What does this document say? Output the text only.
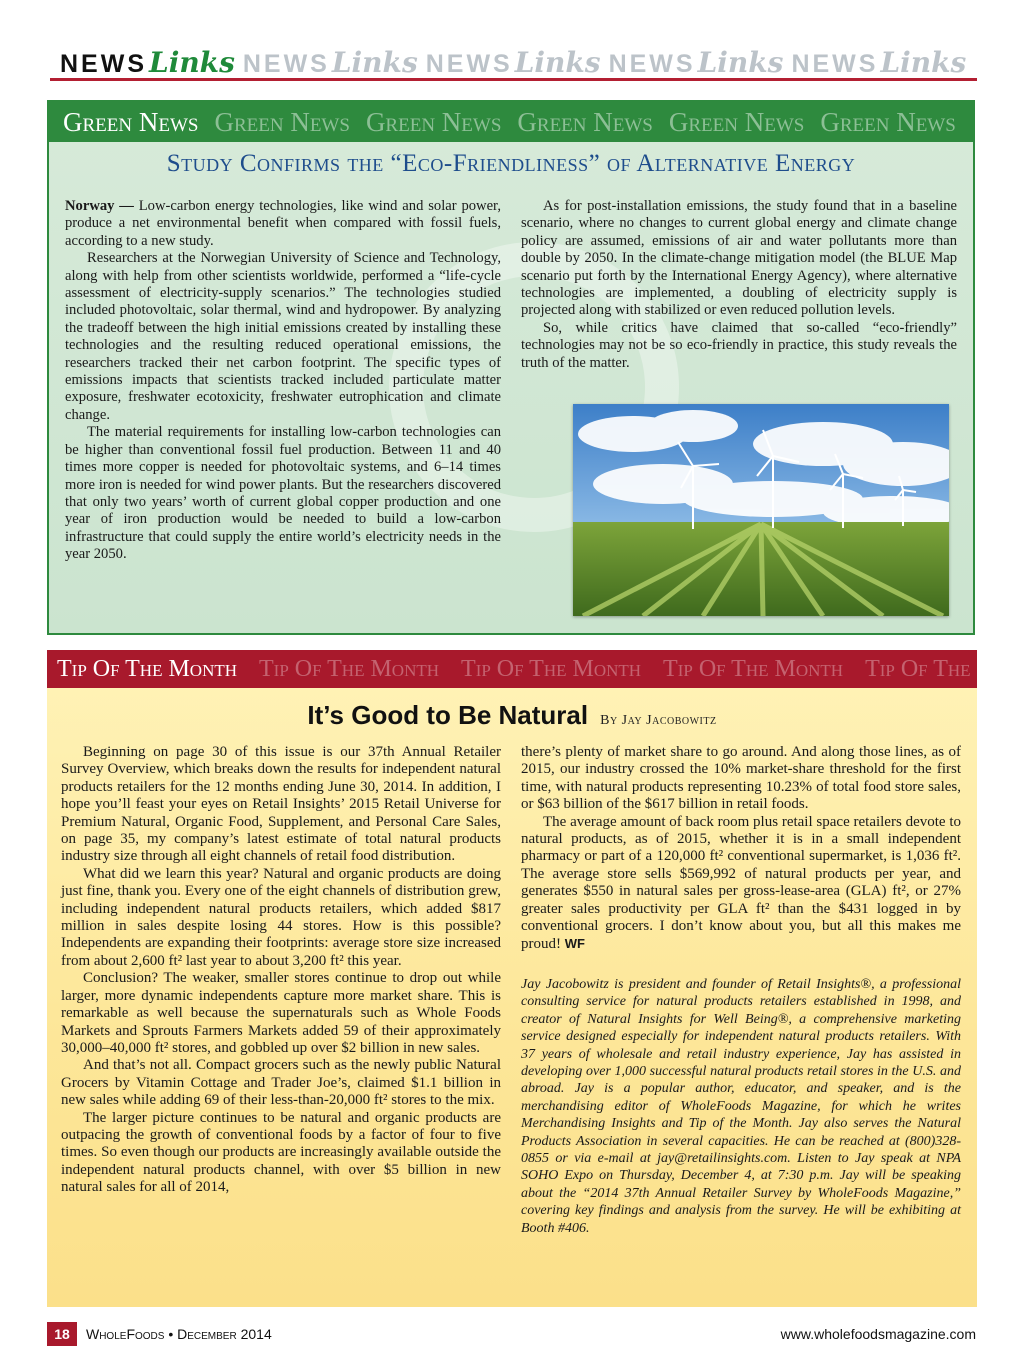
NEWS Links NEWS Links NEWS Links NEWS Links NEWS Links
Green News Green News Green News Green News Green News Green News
Study Confirms the “Eco-Friendliness” of Alternative Energy

Norway — Low-carbon energy technologies, like wind and solar power, produce a net environmental benefit when compared with fossil fuels, according to a new study.

Researchers at the Norwegian University of Science and Technology, along with help from other scientists worldwide, performed a “life-cycle assessment of electricity-supply scenarios.” The technologies studied included photovoltaic, solar thermal, wind and hydropower. By analyzing the tradeoff between the high initial emissions created by installing these technologies and the resulting reduced operational emissions, the researchers tracked their net carbon footprint. The specific types of emissions impacts that scientists tracked included particulate matter exposure, freshwater ecotoxicity, freshwater eutrophication and climate change.

The material requirements for installing low-carbon technologies can be higher than conventional fossil fuel production. Between 11 and 40 times more copper is needed for photovoltaic systems, and 6–14 times more iron is needed for wind power plants. But the researchers discovered that only two years’ worth of current global copper production and one year of iron production would be needed to build a low-carbon infrastructure that could supply the entire world’s electricity needs in the year 2050.

As for post-installation emissions, the study found that in a baseline scenario, where no changes to current global energy and climate change policy are assumed, emissions of air and water pollutants more than double by 2050. In the climate-change mitigation model (the BLUE Map scenario put forth by the International Energy Agency), where alternative technologies are implemented, a doubling of electricity supply is projected along with stabilized or even reduced pollution levels.

So, while critics have claimed that so-called “eco-friendly” technologies may not be so eco-friendly in practice, this study reveals the truth of the matter.

Tip Of The Month Tip Of The Month Tip Of The Month Tip Of The Month Tip Of The
It’s Good to Be Natural By Jay Jacobowitz

Beginning on page 30 of this issue is our 37th Annual Retailer Survey Overview, which breaks down the results for independent natural products retailers for the 12 months ending June 30, 2014. In addition, I hope you’ll feast your eyes on Retail Insights’ 2015 Retail Universe for Premium Natural, Organic Food, Supplement, and Personal Care Sales, on page 35, my company’s latest estimate of total natural products industry size through all eight channels of retail food distribution.

What did we learn this year? Natural and organic products are doing just fine, thank you. Every one of the eight channels of distribution grew, including independent natural products retailers, which added $817 million in sales despite losing 44 stores. How is this possible? Independents are expanding their footprints: average store size increased from about 2,600 ft² last year to about 3,200 ft² this year.

Conclusion? The weaker, smaller stores continue to drop out while larger, more dynamic independents capture more market share. This is remarkable as well because the supernaturals such as Whole Foods Markets and Sprouts Farmers Markets added 59 of their approximately 30,000–40,000 ft² stores, and gobbled up over $2 billion in new sales.

And that’s not all. Compact grocers such as the newly public Natural Grocers by Vitamin Cottage and Trader Joe’s, claimed $1.1 billion in new sales while adding 69 of their less-than-20,000 ft² stores to the mix.

The larger picture continues to be natural and organic products are outpacing the growth of conventional foods by a factor of four to five times. So even though our products are increasingly available outside the independent natural products channel, with over $5 billion in new natural sales for all of 2014,

there’s plenty of market share to go around. And along those lines, as of 2015, our industry crossed the 10% market-share threshold for the first time, with natural products representing 10.23% of total food store sales, or $63 billion of the $617 billion in retail foods.

The average amount of back room plus retail space retailers devote to natural products, as of 2015, whether it is in a small independent pharmacy or part of a 120,000 ft² conventional supermarket, is 1,036 ft². The average store sells $569,992 of natural products per year, and generates $550 in natural sales per gross-lease-area (GLA) ft², or 27% greater sales productivity per GLA ft² than the $431 logged in by conventional grocers. I don’t know about you, but all this makes me proud! WF

Jay Jacobowitz is president and founder of Retail Insights®, a professional consulting service for natural products retailers established in 1998, and creator of Natural Insights for Well Being®, a comprehensive marketing service designed especially for independent natural products retailers. With 37 years of wholesale and retail industry experience, Jay has assisted in developing over 1,000 successful natural products retail stores in the U.S. and abroad. Jay is a popular author, educator, and speaker, and is the merchandising editor of WholeFoods Magazine, for which he writes Merchandising Insights and Tip of the Month. Jay also serves the Natural Products Association in several capacities. He can be reached at (800)328-0855 or via e-mail at jay@retailinsights.com. Listen to Jay speak at NPA SOHO Expo on Thursday, December 4, at 7:30 p.m. Jay will be speaking about the “2014 37th Annual Retailer Survey by WholeFoods Magazine,” covering key findings and analysis from the survey. He will be exhibiting at Booth #406.

18	WholeFoods • December 2014	www.wholefoodsmagazine.com
